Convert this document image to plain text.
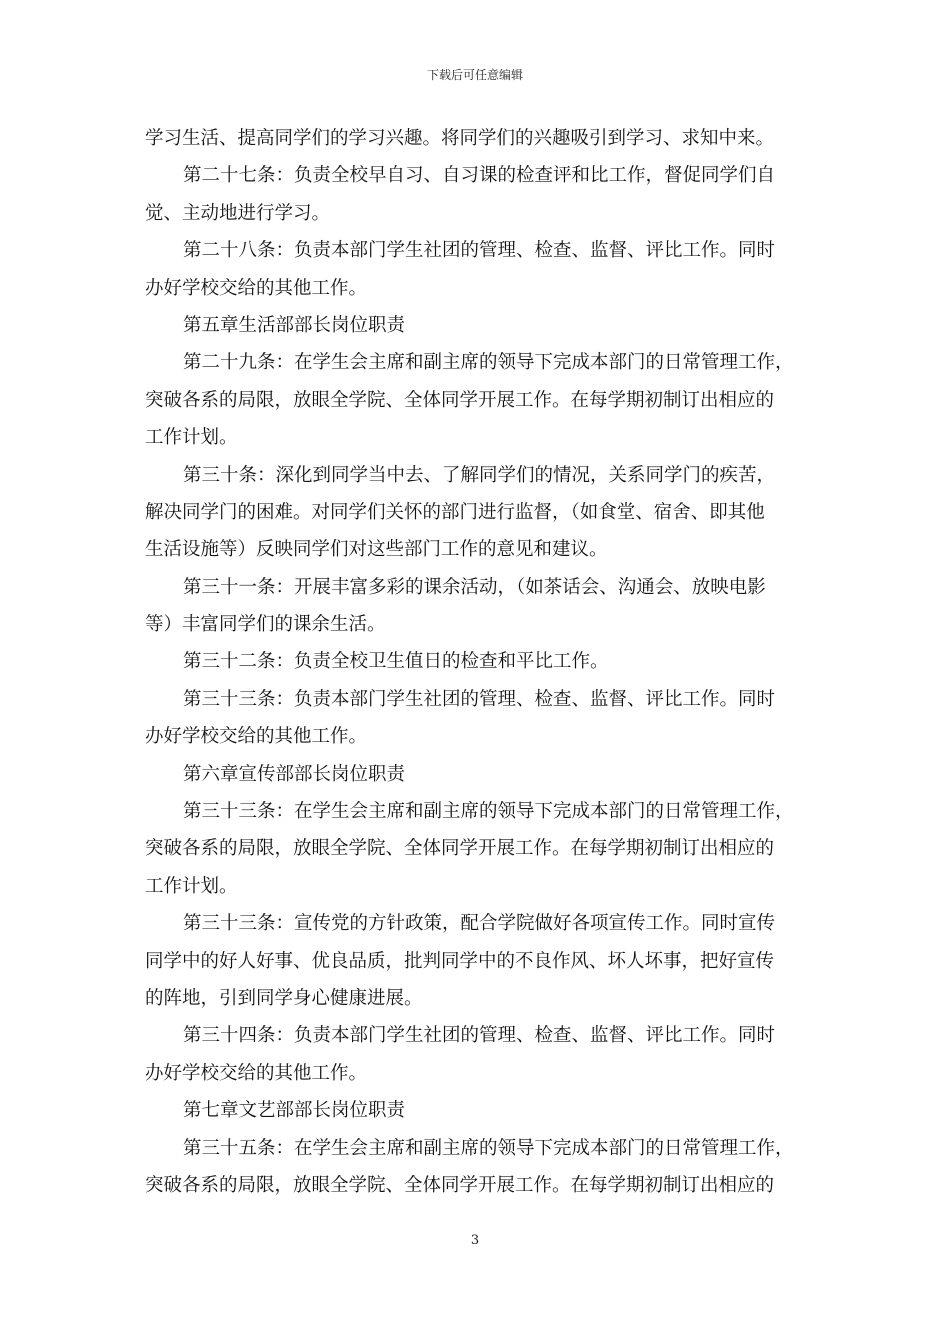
下载后可任意编辑
学习生活、提高同学们的学习兴趣。将同学们的兴趣吸引到学习、求知中来。
第二十七条：负责全校早自习、自习课的检查评和比工作，督促同学们自
觉、主动地进行学习。
第二十八条：负责本部门学生社团的管理、检查、监督、评比工作。同时
办好学校交给的其他工作。
第五章生活部部长岗位职责
第二十九条：在学生会主席和副主席的领导下完成本部门的日常管理工作，
突破各系的局限，放眼全学院、全体同学开展工作。在每学期初制订出相应的
工作计划。
第三十条：深化到同学当中去、了解同学们的情况，关系同学门的疾苦，
解决同学门的困难。对同学们关怀的部门进行监督，（如食堂、宿舍、即其他
生活设施等）反映同学们对这些部门工作的意见和建议。
第三十一条：开展丰富多彩的课余活动，（如茶话会、沟通会、放映电影
等）丰富同学们的课余生活。
第三十二条：负责全校卫生值日的检查和平比工作。
第三十三条：负责本部门学生社团的管理、检查、监督、评比工作。同时
办好学校交给的其他工作。
第六章宣传部部长岗位职责
第三十三条：在学生会主席和副主席的领导下完成本部门的日常管理工作，
突破各系的局限，放眼全学院、全体同学开展工作。在每学期初制订出相应的
工作计划。
第三十三条：宣传党的方针政策，配合学院做好各项宣传工作。同时宣传
同学中的好人好事、优良品质，批判同学中的不良作风、坏人坏事，把好宣传
的阵地，引到同学身心健康进展。
第三十四条：负责本部门学生社团的管理、检查、监督、评比工作。同时
办好学校交给的其他工作。
第七章文艺部部长岗位职责
第三十五条：在学生会主席和副主席的领导下完成本部门的日常管理工作，
突破各系的局限，放眼全学院、全体同学开展工作。在每学期初制订出相应的
3
